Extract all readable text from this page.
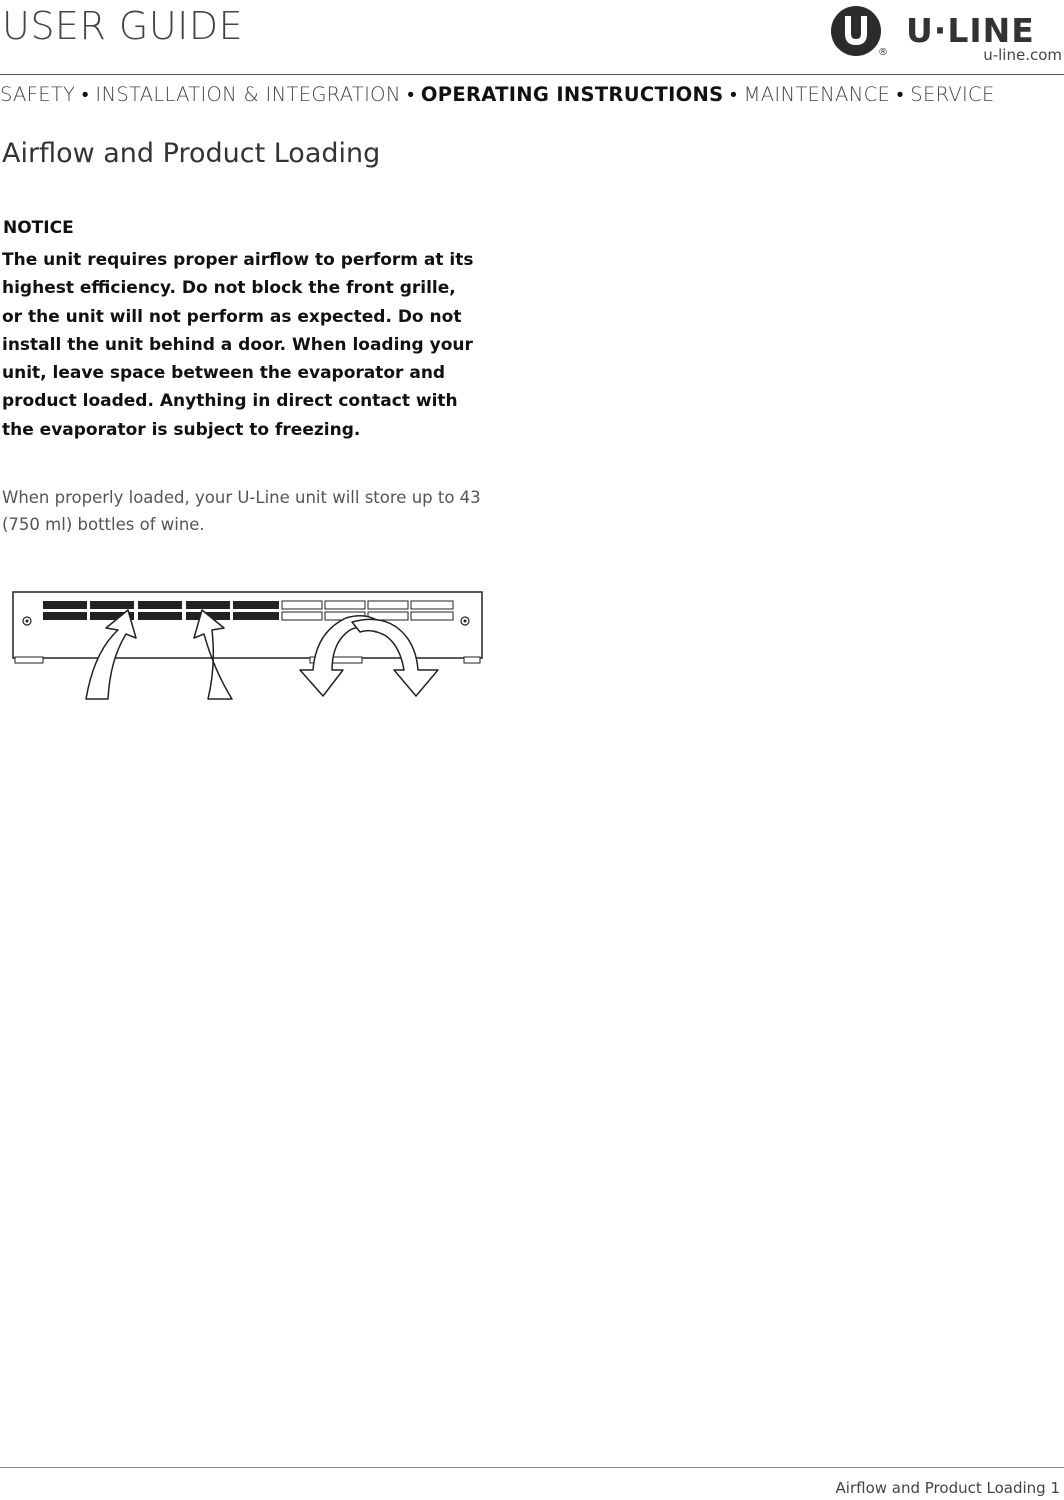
USER GUIDE
®
U·LINE
u-line.com
SAFETY • INSTALLATION & INTEGRATION • OPERATING INSTRUCTIONS • MAINTENANCE • SERVICE
Airflow and Product Loading
NOTICE
The unit requires proper airflow to perform at its
highest efficiency. Do not block the front grille,
or the unit will not perform as expected. Do not
install the unit behind a door. When loading your
unit, leave space between the evaporator and
product loaded. Anything in direct contact with
the evaporator is subject to freezing.
When properly loaded, your U-Line unit will store up to 43
(750 ml) bottles of wine.
Airflow and Product Loading 1
